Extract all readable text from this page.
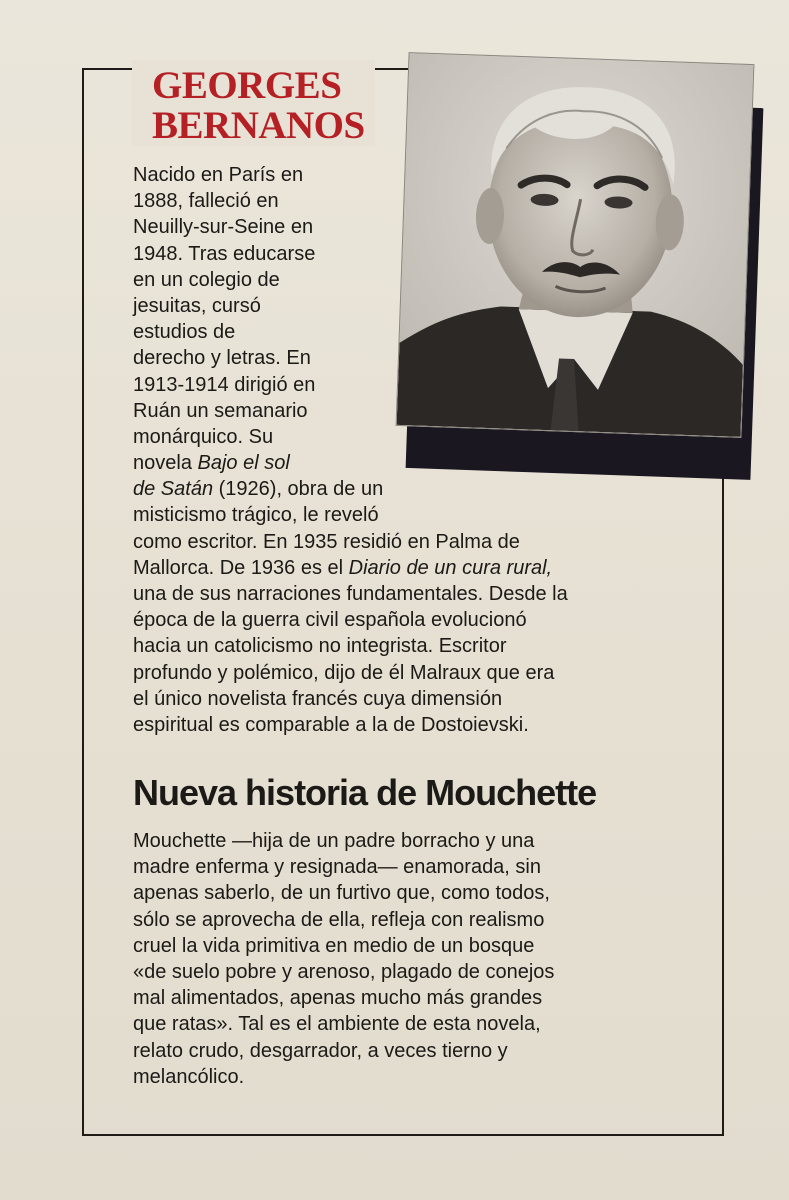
GEORGES
BERNANOS
Nacido en París en
1888, falleció en
Neuilly-sur-Seine en
1948. Tras educarse
en un colegio de
jesuitas, cursó
estudios de
derecho y letras. En
1913-1914 dirigió en
Ruán un semanario
monárquico. Su
novela Bajo el sol
de Satán (1926), obra de un
misticismo trágico, le reveló
como escritor. En 1935 residió en Palma de
Mallorca. De 1936 es el Diario de un cura rural,
una de sus narraciones fundamentales. Desde la
época de la guerra civil española evolucionó
hacia un catolicismo no integrista. Escritor
profundo y polémico, dijo de él Malraux que era
el único novelista francés cuya dimensión
espiritual es comparable a la de Dostoievski.
Nueva historia de Mouchette
Mouchette —hija de un padre borracho y una
madre enferma y resignada— enamorada, sin
apenas saberlo, de un furtivo que, como todos,
sólo se aprovecha de ella, refleja con realismo
cruel la vida primitiva en medio de un bosque
«de suelo pobre y arenoso, plagado de conejos
mal alimentados, apenas mucho más grandes
que ratas». Tal es el ambiente de esta novela,
relato crudo, desgarrador, a veces tierno y
melancólico.
